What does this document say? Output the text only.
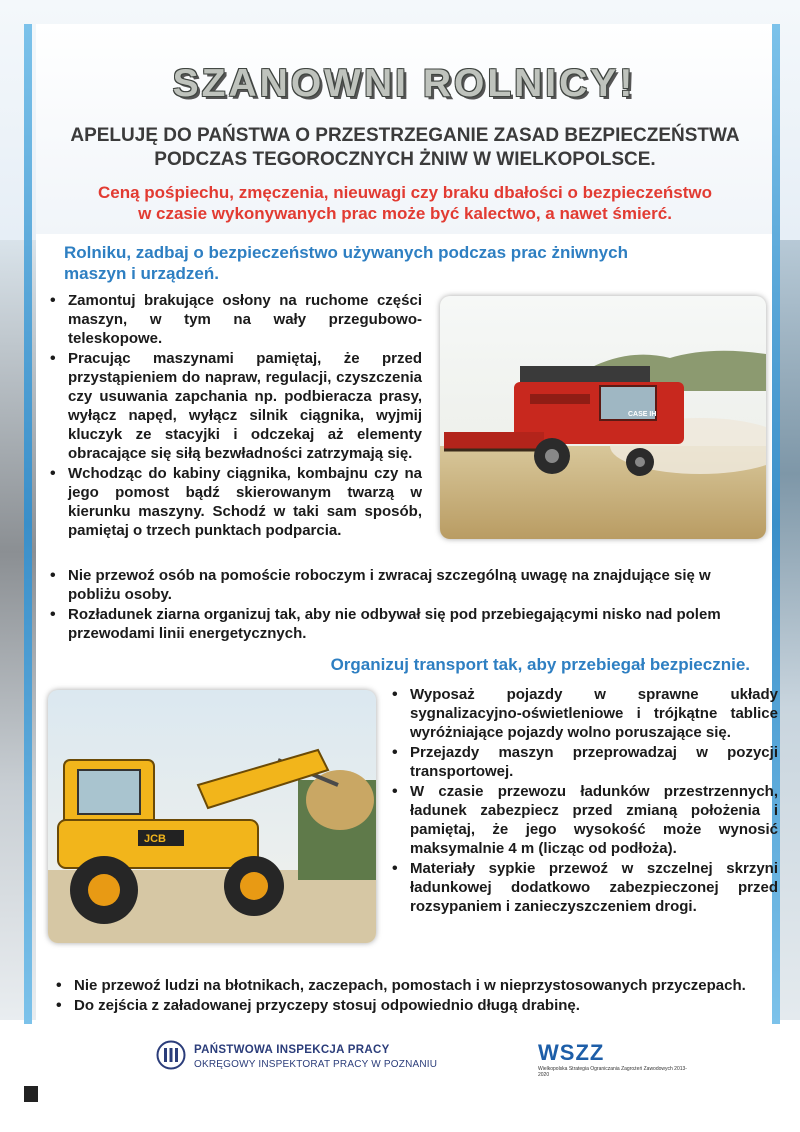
SZANOWNI ROLNICY!
APELUJĘ DO PAŃSTWA O PRZESTRZEGANIE ZASAD BEZPIECZEŃSTWA
PODCZAS TEGOROCZNYCH ŻNIW W WIELKOPOLSCE.
Ceną pośpiechu, zmęczenia, nieuwagi czy braku dbałości o bezpieczeństwo
w czasie wykonywanych prac może być kalectwo, a nawet śmierć.
Rolniku, zadbaj o bezpieczeństwo używanych podczas prac żniwnych maszyn i urządzeń.
• Zamontuj brakujące osłony na ruchome części maszyn, w tym na wały przegubowo-teleskopowe.
• Pracując maszynami pamiętaj, że przed przystąpieniem do napraw, regulacji, czyszczenia czy usuwania zapchania np. podbieracza prasy, wyłącz napęd, wyłącz silnik ciągnika, wyjmij kluczyk ze stacyjki i odczekaj aż elementy obracające się siłą bezwładności zatrzymają się.
• Wchodząc do kabiny ciągnika, kombajnu czy na jego pomost bądź skierowanym twarzą w kierunku maszyny. Schodź w taki sam sposób, pamiętaj o trzech punktach podparcia.
CASE IH
• Nie przewoź osób na pomoście roboczym i zwracaj szczególną uwagę na znajdujące się w pobliżu osoby.
• Rozładunek ziarna organizuj tak, aby nie odbywał się pod przebiegającymi nisko nad polem przewodami linii energetycznych.
Organizuj transport tak, aby przebiegał bezpiecznie.
JCB
• Wyposaż pojazdy w sprawne układy sygnalizacyjno-oświetleniowe i trójkątne tablice wyróżniające pojazdy wolno poruszające się.
• Przejazdy maszyn przeprowadzaj w pozycji transportowej.
• W czasie przewozu ładunków przestrzennych, ładunek zabezpiecz przed zmianą położenia i pamiętaj, że jego wysokość może wynosić maksymalnie 4 m (licząc od podłoża).
• Materiały sypkie przewoź w szczelnej skrzyni ładunkowej dodatkowo zabezpieczonej przed rozsypaniem i zanieczyszczeniem drogi.
• Nie przewoź ludzi na błotnikach, zaczepach, pomostach i w nieprzystosowanych przyczepach.
• Do zejścia z załadowanej przyczepy stosuj odpowiednio długą drabinę.
PAŃSTWOWA INSPEKCJA PRACY
OKRĘGOWY INSPEKTORAT PRACY W POZNANIU	WSZZ
Wielkopolska Strategia Ograniczania Zagrożeń Zawodowych 2013-2020
